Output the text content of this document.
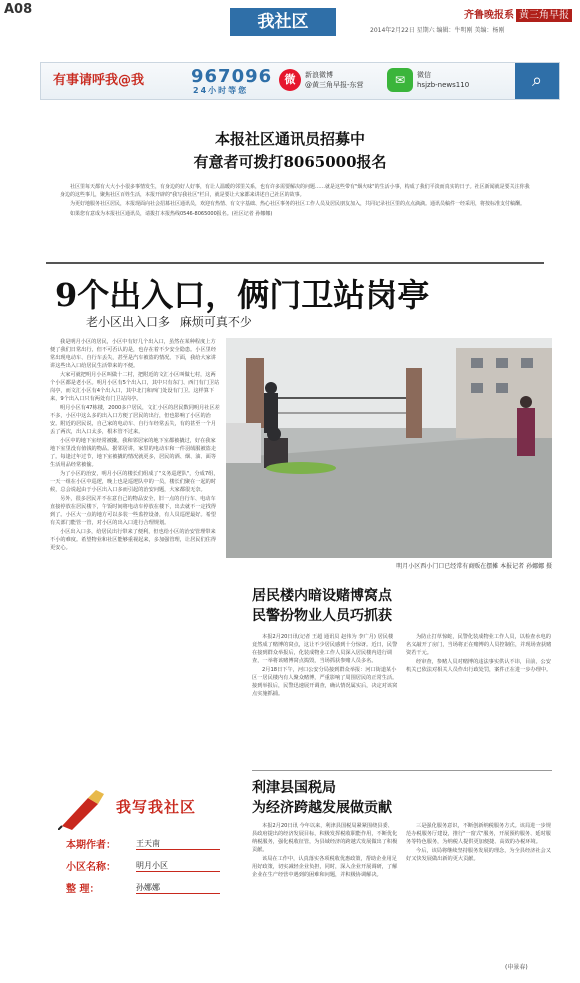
A08
我社区	齐鲁晚报系 黄三角早报
2014年2月22日 星期六 编辑：牛明刚 美编：杨刚
有事请呼我@我	967096
24小时等您
微	新浪微博
@黄三角早报-东营	✉	微信
hsjzb-news110	⌕
本报社区通讯员招募中
有意者可拨打8065000报名

社区里每天都有大大小小很多事情发生，有身边的好人好事，有让人温暖的邻里关系，也有许多需要解决的问题……就是这些带有"烟火味"的生活小事，构成了我们平淡而真实的日子。社区新闻就是要关注你我身边的这些事儿，聚焦社区百姓生活，本报开辟的"我写我社区"栏目，就是要让大家都来讲述自己社区的故事。

为更好地服务社区居民，本报现面向社会招募社区通讯员，欢迎有热情、有文字基础、热心社区事务的社区工作人员及居民朋友加入，共同记录社区里的点点滴滴。通讯员稿件一经采用，将按标准支付稿酬。

如果您有意成为本报社区通讯员，请拨打本报热线0546-8065000报名。(社区记者 孙娜娜)

9个出入口，俩门卫站岗亭
老小区出入口多 麻烦可真不少

我是明月小区的居民，小区中有好几个出入口，虽然在某种程度上方便了我们日常出行，但不可否认的是，也存在着不少安全隐患。小区里经常出现电动车、自行车丢失，甚至是汽车被盗的情况。下面，我给大家讲讲这些出入口给居民生活带来的不便。

大家可就把明月小区叫做十二村，把附近的文汇小区叫做七村，这两个小区都是老小区。明月小区有5个出入口，其中只有东门、西门有门卫站岗亭，而文汇小区有4个出入口，其中北门和西门处设有门卫。这样算下来，9个出入口只有两处有门卫站岗亭。

明月小区有47栋楼，2000多户居民，文汇小区的居民数同明月社区差不多，小区中这么多的出入口方便了居民的出行，但也影响了小区的治安。附近的居民说，自己家的电动车、自行车经常丢失，有的甚至一个月丢了两次，出入口太多，根本管不过来。

小区中的地下室经常被撬，我和邻居家的地下室都被撬过，好在我家地下室里没有值钱的物品。据邻居讲，家里的电动车和一件羽绒服被盗走了。每逢过年过节，地下室被撬的情况就更多，居民的酒、烟、油、面等生活用品经常被偷。

为了小区的治安，明月小区的楼长们组成了"义务巡逻队"，分成7组，一天一组在小区中巡逻，晚上也是巡逻队中的一员，楼长们聚在一起的时候，总会说起由于小区出入口多而引起的治安问题，大家都很无奈。

另外，很多居民并不在意自己的物品安全，旧一点的自行车、电动车直接停放在居民楼下，午饭时间将电动车停放在楼下，出去就不一定找得到了。小区大一点的地方可以多装一些监控设备，有人员巡逻最好。希望有关部门能管一管，对小区的出入口进行合理规划。

小区出入口多，给居民出行带来了便利，但也给小区的治安管理带来不小的难度。希望物业和社区能够重视起来，多加强管理，让居民们住得更安心。

明月小区西小门口已经常有商贩在摆摊 本报记者 孙娜娜 摄
居民楼内暗设赌博窝点
民警扮物业人员巧抓获

本报2月20日讯(记者 王超 通讯员 赵伟为 李广月) 居民楼竟然成了赌博的窝点，这让不少居民感到十分惊讶。近日，民警在接到群众举报后，化装成物业工作人员深入居民楼内进行调查，一举将该赌博窝点捣毁，当场抓获参赌人员多名。

2月18日下午，河口公安分局接到群众举报：河口街道某小区一居民楼内有人聚众赌博，严重影响了周围居民的正常生活。接到举报后，民警迅速展开调查，确认情况属实后，决定对该窝点实施抓捕。

为防止打草惊蛇，民警化装成物业工作人员，以检查水电的名义敲开了房门，当场将正在赌博的人员控制住，并现场查获赌资若干元。

经审查，参赌人员对赌博的违法事实供认不讳，目前，公安机关已依法对相关人员作出行政处罚，案件正在进一步办理中。

利津县国税局
为经济跨越发展做贡献

本报2月20日讯 今年以来，利津县国税局紧紧围绕县委、县政府提出的经济发展目标，积极发挥税收职能作用，不断优化纳税服务，强化税收征管，为县域经济的跨越式发展做出了积极贡献。

该局在工作中，认真落实各项税收优惠政策，帮助企业用足用好政策，切实减轻企业负担，同时，深入企业开展调研，了解企业在生产经营中遇到的困难和问题，并积极协调解决。

三是强化服务意识，不断创新纳税服务方式。该局进一步规范办税服务厅建设，推行"一窗式"服务，开展预约服务、延时服务等特色服务，为纳税人提供更加便捷、高效的办税环境。

今后，该局将继续坚持服务发展的理念，为全县经济社会又好又快发展做出新的更大贡献。

(申景春)
我写我社区
本期作者：	王天南
小区名称：	明月小区
整 理：	孙娜娜
